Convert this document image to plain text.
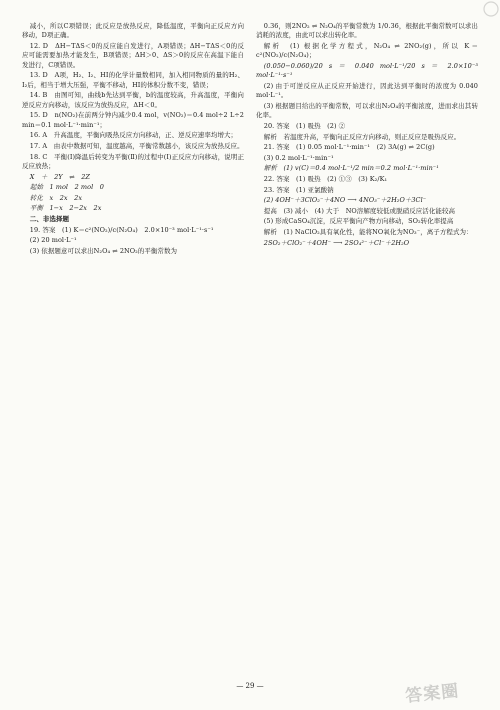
减小，所以C项错误；此反应是放热反应，降低温度，平衡向正反应方向移动，D项正确。

12. D　ΔH−TΔS＜0的反应能自发进行，A项错误；ΔH−TΔS＜0的反应可能需要加热才能发生，B项错误；ΔH＞0、ΔS＞0的反应在高温下能自发进行，C项错误。

13. D　A项，H₂、I₂、HI的化学计量数相同，加入相同物质的量的H₂、I₂后，相当于增大压强，平衡不移动，HI的体积分数不变，错误；

14. B　由图可知，曲线b先达到平衡，b的温度较高，升高温度，平衡向逆反应方向移动，该反应为放热反应，ΔH＜0。

15. D　n(NO₂)在前两分钟内减少0.4 mol，v(NO₂)＝0.4 mol÷2 L÷2 min＝0.1 mol·L⁻¹·min⁻¹；

16. A　升高温度，平衡向吸热反应方向移动，正、逆反应速率均增大；

17. A　由表中数据可知，温度越高，平衡常数越小，该反应为放热反应。

18. C　平衡(Ⅰ)降温后转变为平衡(Ⅱ)的过程中(Ⅰ)正反应方向移动，说明正反应放热；

X　＋　2Y　⇌　2Z

起始　1 mol　2 mol　0

转化　x　2x　2x

平衡　1−x　2−2x　2x

二、非选择题

19. 答案　(1) K＝c²(NO₂)/c(N₂O₄)　2.0×10⁻³ mol·L⁻¹·s⁻¹

(2) 20 mol·L⁻¹

(3) 依据题意可以求出N₂O₄ ⇌ 2NO₂的平衡常数为

0.36，则2NO₂ ⇌ N₂O₄的平衡常数为 1/0.36，根据此平衡常数可以求出消耗的浓度，由此可以求出转化率。

解析　(1) 根据化学方程式，N₂O₄ ⇌ 2NO₂(g)，所以 K＝c²(NO₂)/c(N₂O₄)；

(0.050−0.060)/20 s ＝ 0.040 mol·L⁻¹/20 s ＝ 2.0×10⁻³ mol·L⁻¹·s⁻¹

(2) 由于可逆反应从正反应开始进行，因此达到平衡时的浓度为 0.040 mol·L⁻¹。

(3) 根据题目给出的平衡常数，可以求出N₂O₄的平衡浓度，进而求出其转化率。

20. 答案　(1) 吸热　(2) ②

解析　若温度升高，平衡向正反应方向移动，则正反应是吸热反应。

21. 答案　(1) 0.05 mol·L⁻¹·min⁻¹　(2) 3A(g) ⇌ 2C(g)

(3) 0.2 mol·L⁻¹·min⁻¹

解析　(1) v(C)＝0.4 mol·L⁻¹/2 min＝0.2 mol·L⁻¹·min⁻¹

22. 答案　(1) 吸热　(2) ①③　(3) K₂/K₁

23. 答案　(1) 亚氯酸钠

(2) 4OH⁻＋3ClO₂⁻＋4NO ⟶ 4NO₃⁻＋2H₂O＋3Cl⁻

提高　(3) 减小　(4) 大于　NO溶解度较低或脱硝反应活化能较高

(5) 形成CaSO₄沉淀，反应平衡向产物方向移动，SO₂转化率提高

解析　(1) NaClO₂具有氧化性，能将NO氧化为NO₃⁻，离子方程式为：

2SO₂＋ClO₂⁻＋4OH⁻ ⟶ 2SO₄²⁻＋Cl⁻＋2H₂O

— 29 —	答案圈
